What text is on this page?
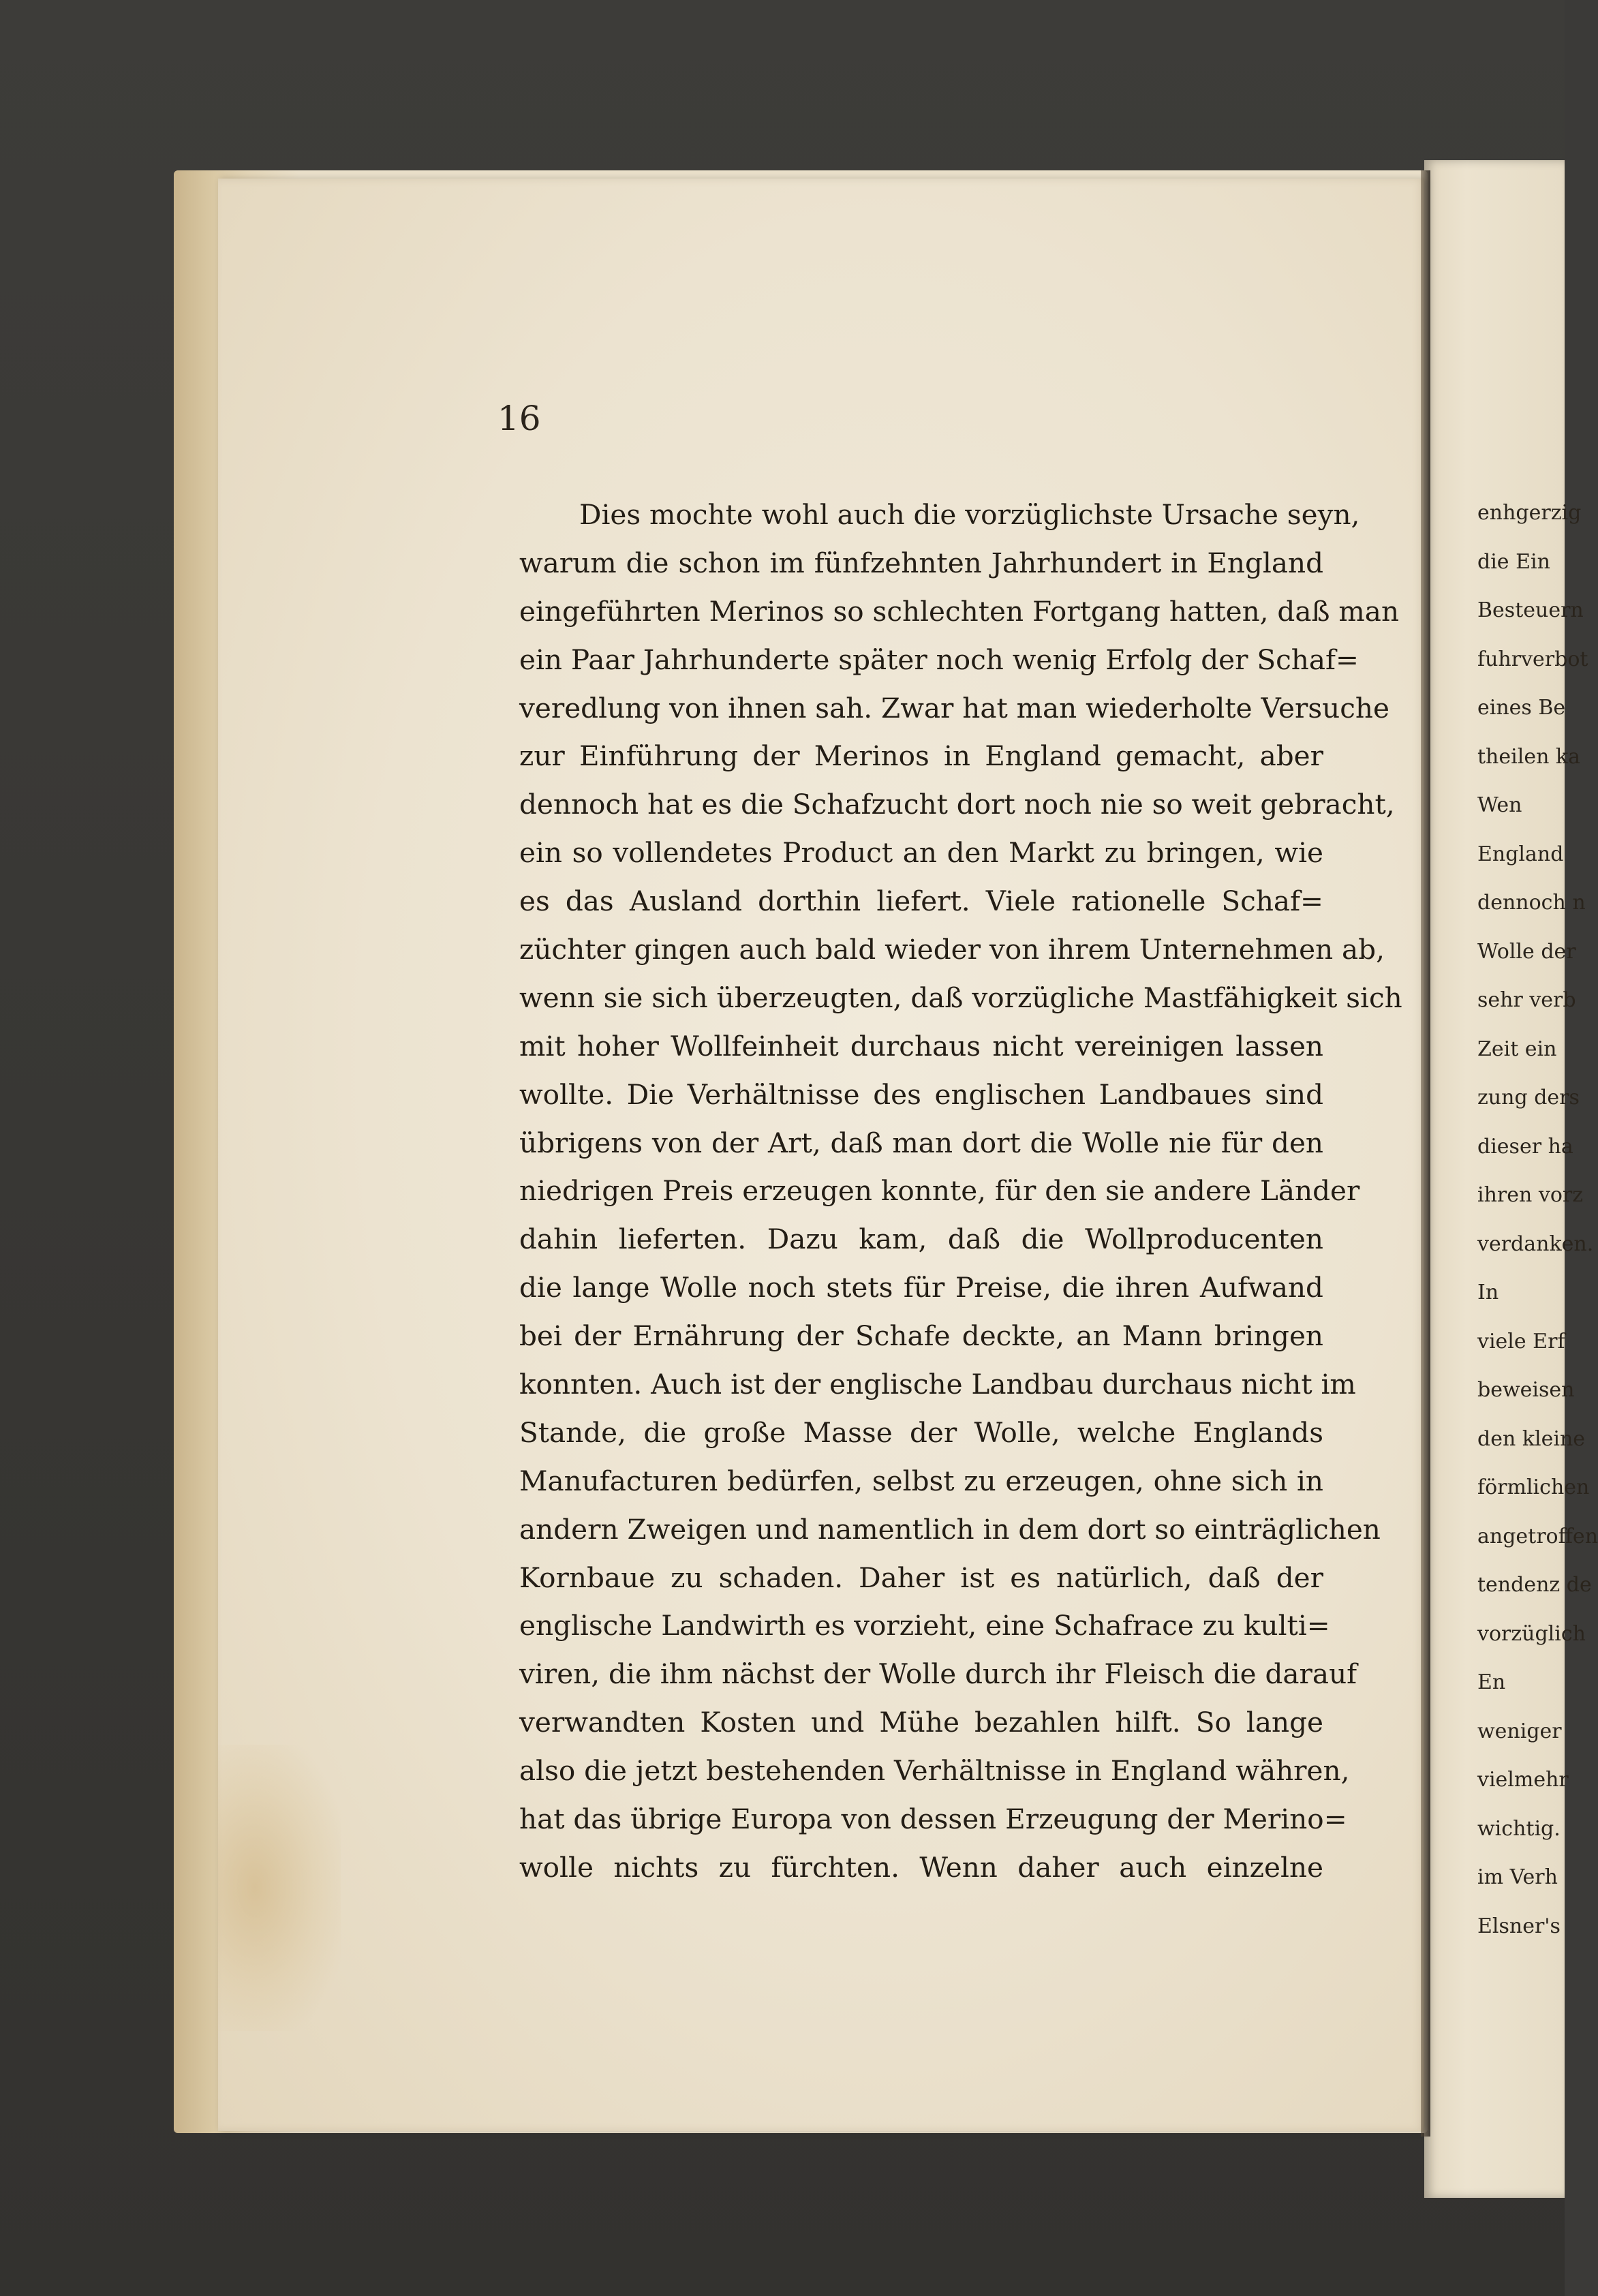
enhgerzig
die Ein
Besteuern
fuhrverbot
eines Be
theilen ka
Wen
England
dennoch n
Wolle der
sehr verb
Zeit ein
zung ders
dieser ha
ihren vorz
verdanken.
In
viele Erf
beweisen
den kleine
förmlichen
angetroffen
tendenz de
vorzüglich
En
weniger
vielmehr
wichtig.
im Verh
Elsner's
16
Dies mochte wohl auch die vorzüglichste Ursache seyn,
warum die schon im fünfzehnten Jahrhundert in England
eingeführten Merinos so schlechten Fortgang hatten, daß man
ein Paar Jahrhunderte später noch wenig Erfolg der Schaf=
veredlung von ihnen sah. Zwar hat man wiederholte Versuche
zur Einführung der Merinos in England gemacht, aber
dennoch hat es die Schafzucht dort noch nie so weit gebracht,
ein so vollendetes Product an den Markt zu bringen, wie
es das Ausland dorthin liefert. Viele rationelle Schaf=
züchter gingen auch bald wieder von ihrem Unternehmen ab,
wenn sie sich überzeugten, daß vorzügliche Mastfähigkeit sich
mit hoher Wollfeinheit durchaus nicht vereinigen lassen
wollte. Die Verhältnisse des englischen Landbaues sind
übrigens von der Art, daß man dort die Wolle nie für den
niedrigen Preis erzeugen konnte, für den sie andere Länder
dahin lieferten. Dazu kam, daß die Wollproducenten
die lange Wolle noch stets für Preise, die ihren Aufwand
bei der Ernährung der Schafe deckte, an Mann bringen
konnten. Auch ist der englische Landbau durchaus nicht im
Stande, die große Masse der Wolle, welche Englands
Manufacturen bedürfen, selbst zu erzeugen, ohne sich in
andern Zweigen und namentlich in dem dort so einträglichen
Kornbaue zu schaden. Daher ist es natürlich, daß der
englische Landwirth es vorzieht, eine Schafrace zu kulti=
viren, die ihm nächst der Wolle durch ihr Fleisch die darauf
verwandten Kosten und Mühe bezahlen hilft. So lange
also die jetzt bestehenden Verhältnisse in England währen,
hat das übrige Europa von dessen Erzeugung der Merino=
wolle nichts zu fürchten. Wenn daher auch einzelne
